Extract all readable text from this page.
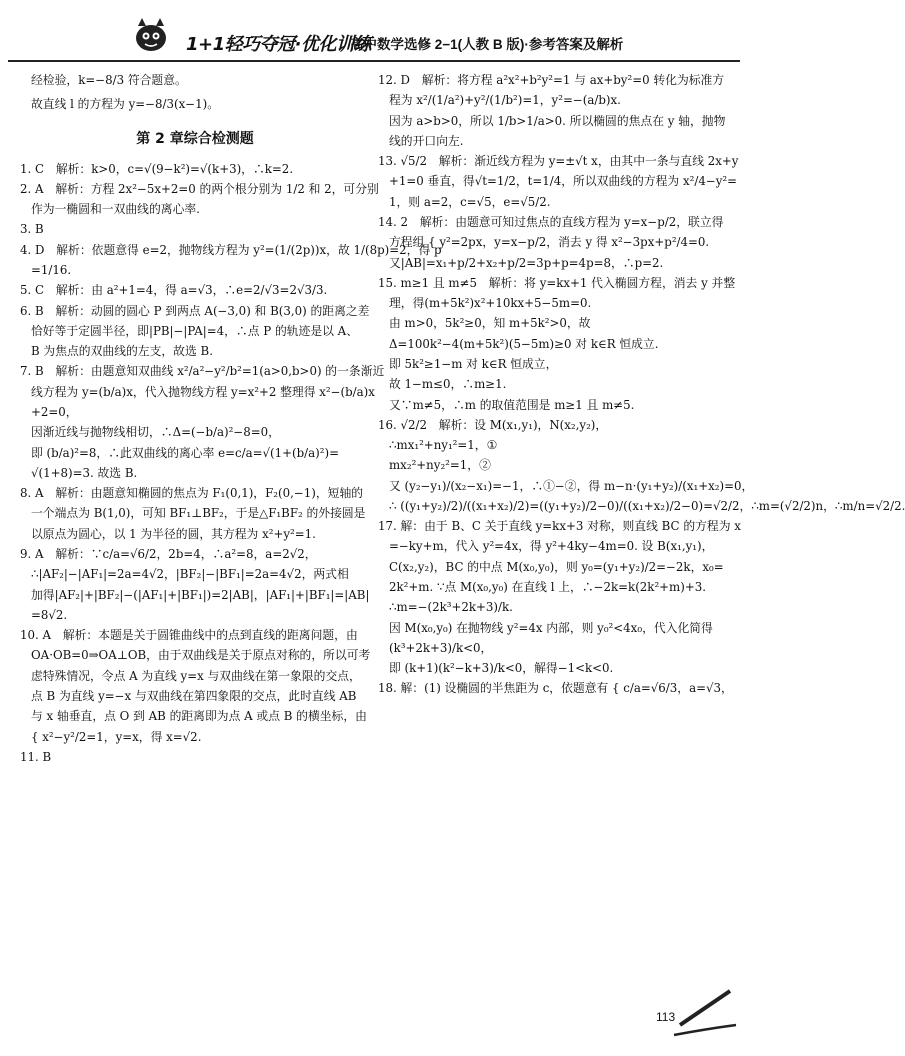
1+1轻巧夺冠·优化训练
高中数学选修 2−1(人教 B 版)·参考答案及解析

经检验，k=−8/3 符合题意。

故直线 l 的方程为 y=−8/3(x−1)。

第 2 章综合检测题

1. C　解析：k>0，c=√(9−k²)=√(k+3)，∴k=2.

2. A　解析：方程 2x²−5x+2=0 的两个根分别为 1/2 和 2，可分别

作为一椭圆和一双曲线的离心率.

3. B

4. D　解析：依题意得 e=2，抛物线方程为 y²=(1/(2p))x，故 1/(8p)=2，得 p

=1/16.

5. C　解析：由 a²+1=4，得 a=√3，∴e=2/√3=2√3/3.

6. B　解析：动圆的圆心 P 到两点 A(−3,0) 和 B(3,0) 的距离之差

恰好等于定圆半径，即|PB|−|PA|=4，∴点 P 的轨迹是以 A、

B 为焦点的双曲线的左支，故选 B.

7. B　解析：由题意知双曲线 x²/a²−y²/b²=1(a>0,b>0) 的一条渐近

线方程为 y=(b/a)x，代入抛物线方程 y=x²+2 整理得 x²−(b/a)x

+2=0，

因渐近线与抛物线相切，∴Δ=(−b/a)²−8=0，

即 (b/a)²=8，∴此双曲线的离心率 e=c/a=√(1+(b/a)²)=

√(1+8)=3. 故选 B.

8. A　解析：由题意知椭圆的焦点为 F₁(0,1)，F₂(0,−1)，短轴的

一个端点为 B(1,0)，可知 BF₁⊥BF₂，于是△F₁BF₂ 的外接圆是

以原点为圆心，以 1 为半径的圆，其方程为 x²+y²=1.

9. A　解析：∵c/a=√6/2，2b=4，∴a²=8，a=2√2，

∴|AF₂|−|AF₁|=2a=4√2，|BF₂|−|BF₁|=2a=4√2，两式相

加得|AF₂|+|BF₂|−(|AF₁|+|BF₁|)=2|AB|，|AF₁|+|BF₁|=|AB|

=8√2.

10. A　解析：本题是关于圆锥曲线中的点到直线的距离问题，由

OA·OB=0⇒OA⊥OB，由于双曲线是关于原点对称的，所以可考

虑特殊情况，令点 A 为直线 y=x 与双曲线在第一象限的交点，

点 B 为直线 y=−x 与双曲线在第四象限的交点，此时直线 AB

与 x 轴垂直，点 O 到 AB 的距离即为点 A 或点 B 的横坐标，由

{ x²−y²/2=1，y=x，得 x=√2.

11. B

12. D　解析：将方程 a²x²+b²y²=1 与 ax+by²=0 转化为标准方

程为 x²/(1/a²)+y²/(1/b²)=1，y²=−(a/b)x.

因为 a>b>0，所以 1/b>1/a>0. 所以椭圆的焦点在 y 轴，抛物

线的开口向左.

13. √5/2　解析：渐近线方程为 y=±√t x，由其中一条与直线 2x+y

+1=0 垂直，得√t=1/2，t=1/4，所以双曲线的方程为 x²/4−y²=

1，则 a=2，c=√5，e=√5/2.

14. 2　解析：由题意可知过焦点的直线方程为 y=x−p/2，联立得

方程组 { y²=2px，y=x−p/2，消去 y 得 x²−3px+p²/4=0.

又|AB|=x₁+p/2+x₂+p/2=3p+p=4p=8，∴p=2.

15. m≥1 且 m≠5　解析：将 y=kx+1 代入椭圆方程，消去 y 并整

理，得(m+5k²)x²+10kx+5−5m=0.

由 m>0，5k²≥0，知 m+5k²>0，故

Δ=100k²−4(m+5k²)(5−5m)≥0 对 k∈R 恒成立.

即 5k²≥1−m 对 k∈R 恒成立，

故 1−m≤0，∴m≥1.

又∵m≠5，∴m 的取值范围是 m≥1 且 m≠5.

16. √2/2　解析：设 M(x₁,y₁)，N(x₂,y₂)，

∴mx₁²+ny₁²=1，①

mx₂²+ny₂²=1，②

又 (y₂−y₁)/(x₂−x₁)=−1，∴①−②，得 m−n·(y₁+y₂)/(x₁+x₂)=0，

∴ ((y₁+y₂)/2)/((x₁+x₂)/2)=((y₁+y₂)/2−0)/((x₁+x₂)/2−0)=√2/2，∴m=(√2/2)n，∴m/n=√2/2.

17. 解：由于 B、C 关于直线 y=kx+3 对称，则直线 BC 的方程为 x

=−ky+m，代入 y²=4x，得 y²+4ky−4m=0. 设 B(x₁,y₁)，

C(x₂,y₂)，BC 的中点 M(x₀,y₀)，则 y₀=(y₁+y₂)/2=−2k，x₀=

2k²+m. ∵点 M(x₀,y₀) 在直线 l 上，∴−2k=k(2k²+m)+3.

∴m=−(2k³+2k+3)/k.

因 M(x₀,y₀) 在抛物线 y²=4x 内部，则 y₀²<4x₀，代入化简得

(k³+2k+3)/k<0，

即 (k+1)(k²−k+3)/k<0，解得−1<k<0.

18. 解：(1) 设椭圆的半焦距为 c，依题意有 { c/a=√6/3，a=√3，

113
